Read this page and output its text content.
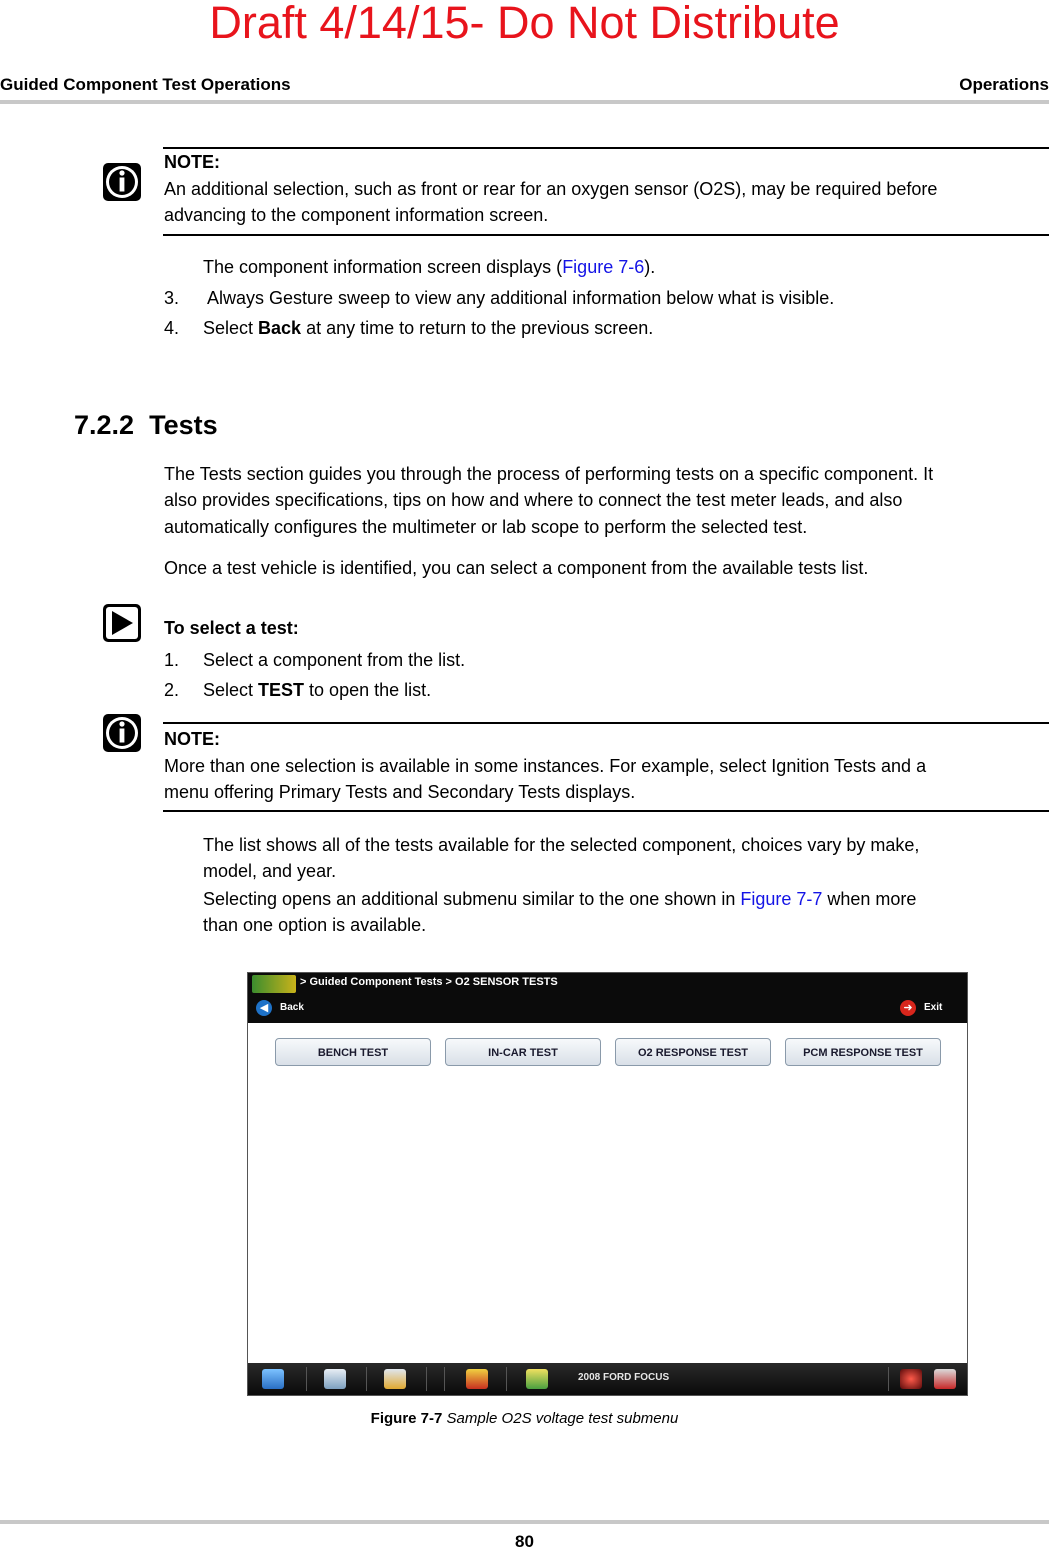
Draft 4/14/15- Do Not Distribute
Guided Component Test Operations	Operations
NOTE:
An additional selection, such as front or rear for an oxygen sensor (O2S), may be required before
advancing to the component information screen.
The component information screen displays (Figure 7-6).
3. Always Gesture sweep to view any additional information below what is visible.
4. Select Back at any time to return to the previous screen.
7.2.2 Tests
The Tests section guides you through the process of performing tests on a specific component. It
also provides specifications, tips on how and where to connect the test meter leads, and also
automatically configures the multimeter or lab scope to perform the selected test.
Once a test vehicle is identified, you can select a component from the available tests list.
To select a test:
1. Select a component from the list.
2. Select TEST to open the list.
NOTE:
More than one selection is available in some instances. For example, select Ignition Tests and a
menu offering Primary Tests and Secondary Tests displays.
The list shows all of the tests available for the selected component, choices vary by make,
model, and year.
Selecting opens an additional submenu similar to the one shown in Figure 7-7 when more
than one option is available.
> Guided Component Tests > O2 SENSOR TESTS
◀	Back	➜	Exit
BENCH TEST	IN-CAR TEST	O2 RESPONSE TEST	PCM RESPONSE TEST
2008 FORD FOCUS
Figure 7-7 Sample O2S voltage test submenu
80
